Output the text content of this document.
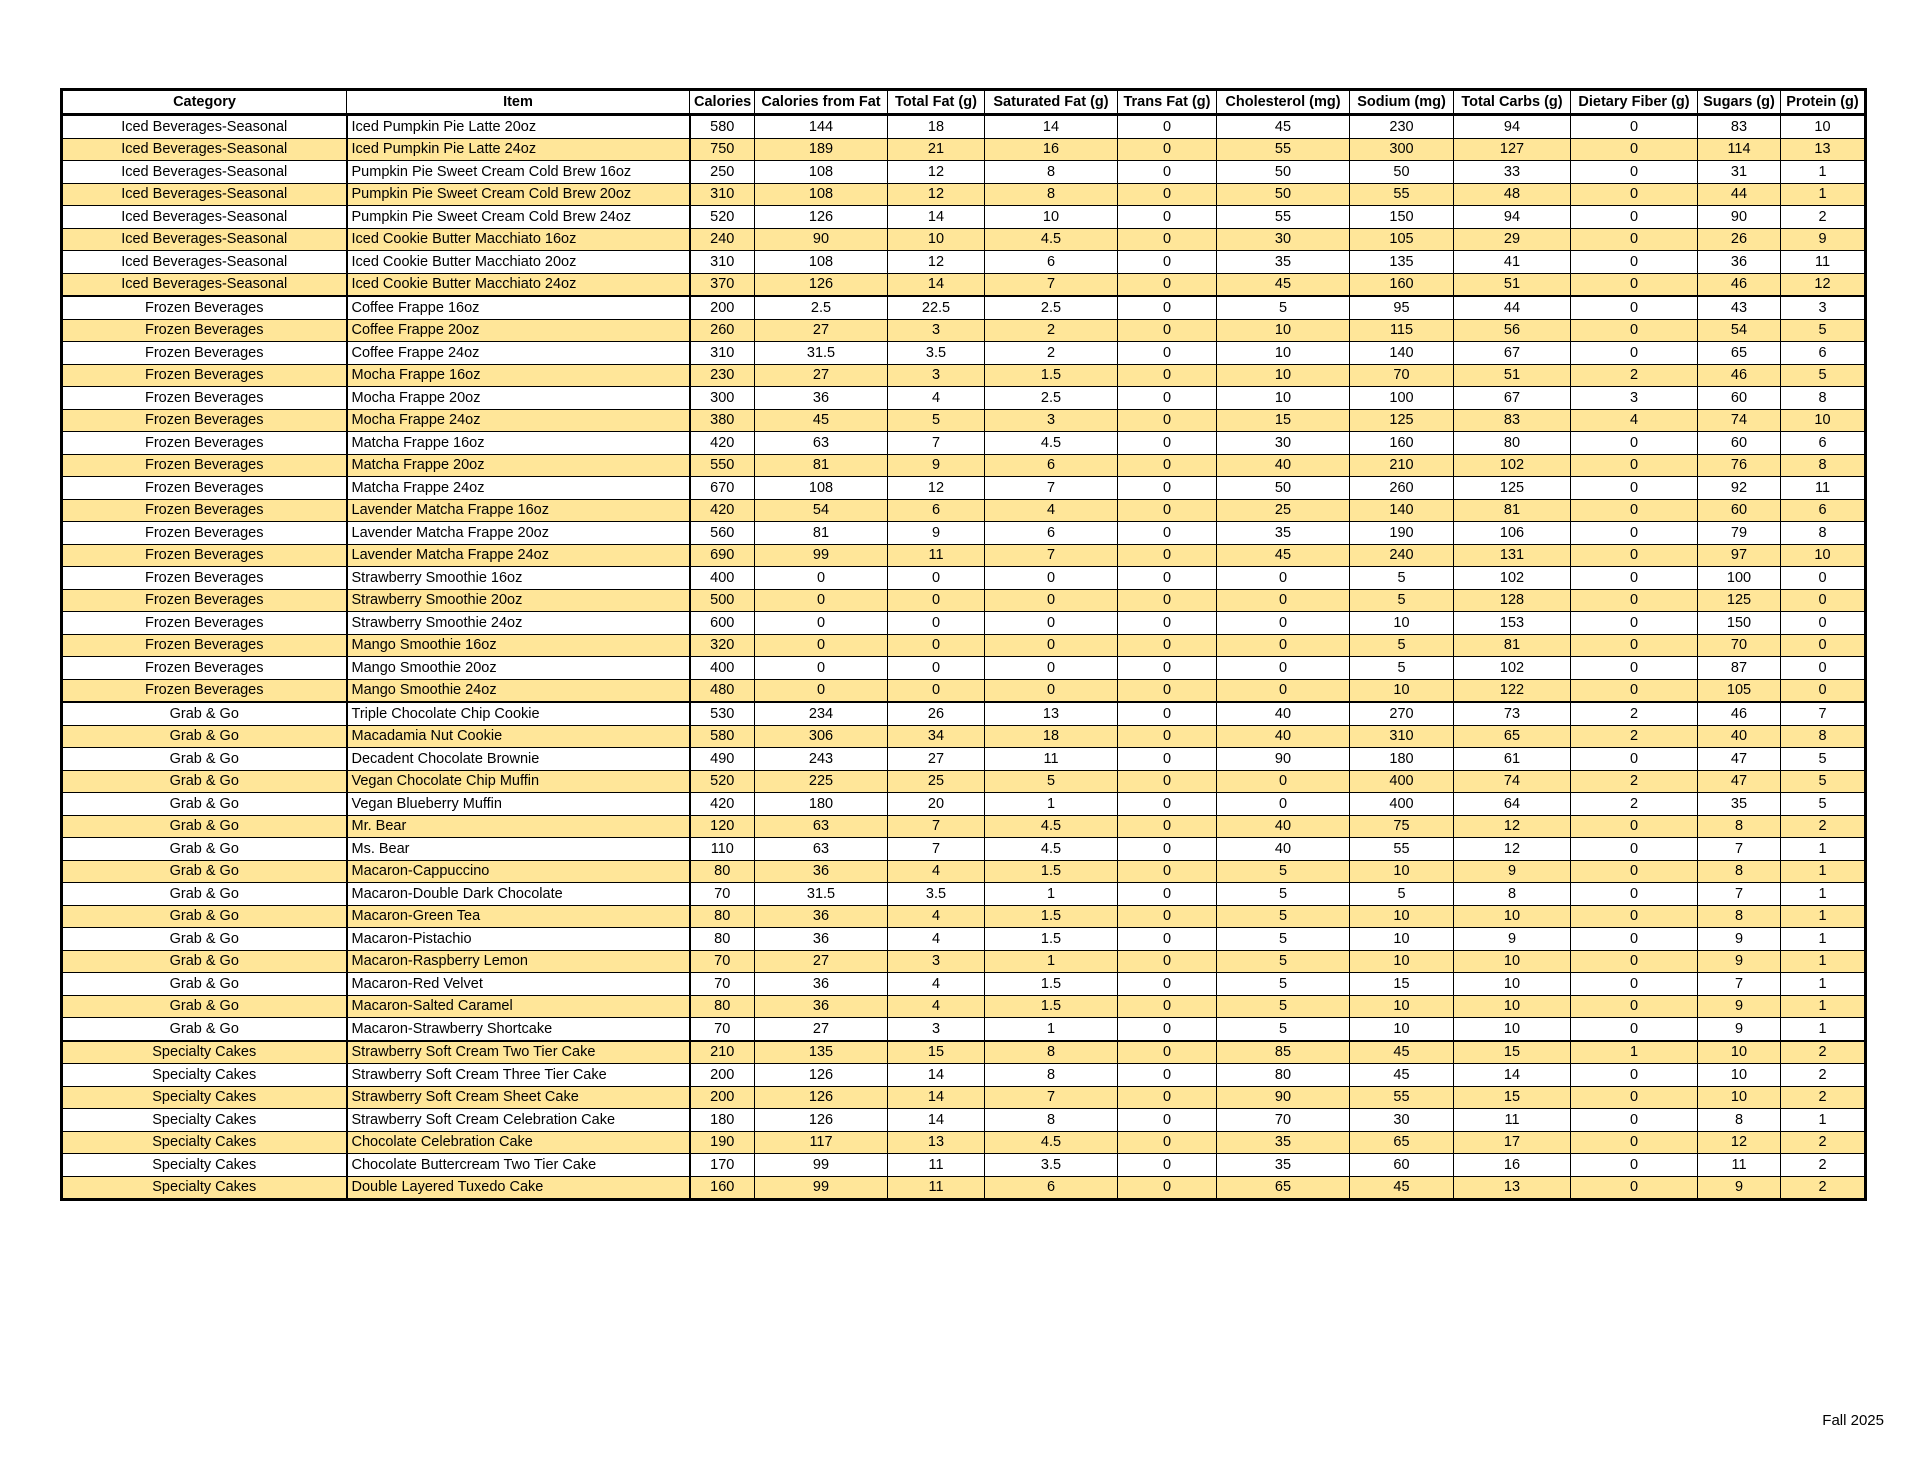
Category	Item	Calories	Calories from Fat	Total Fat (g)	Saturated Fat (g)	Trans Fat (g)	Cholesterol (mg)	Sodium (mg)	Total Carbs (g)	Dietary Fiber (g)	Sugars (g)	Protein (g)
Iced Beverages-Seasonal	Iced Pumpkin Pie Latte 20oz	580	144	18	14	0	45	230	94	0	83	10
Iced Beverages-Seasonal	Iced Pumpkin Pie Latte 24oz	750	189	21	16	0	55	300	127	0	114	13
Iced Beverages-Seasonal	Pumpkin Pie Sweet Cream Cold Brew 16oz	250	108	12	8	0	50	50	33	0	31	1
Iced Beverages-Seasonal	Pumpkin Pie Sweet Cream Cold Brew 20oz	310	108	12	8	0	50	55	48	0	44	1
Iced Beverages-Seasonal	Pumpkin Pie Sweet Cream Cold Brew 24oz	520	126	14	10	0	55	150	94	0	90	2
Iced Beverages-Seasonal	Iced Cookie Butter Macchiato 16oz	240	90	10	4.5	0	30	105	29	0	26	9
Iced Beverages-Seasonal	Iced Cookie Butter Macchiato 20oz	310	108	12	6	0	35	135	41	0	36	11
Iced Beverages-Seasonal	Iced Cookie Butter Macchiato 24oz	370	126	14	7	0	45	160	51	0	46	12
Frozen Beverages	Coffee Frappe 16oz	200	2.5	22.5	2.5	0	5	95	44	0	43	3
Frozen Beverages	Coffee Frappe 20oz	260	27	3	2	0	10	115	56	0	54	5
Frozen Beverages	Coffee Frappe 24oz	310	31.5	3.5	2	0	10	140	67	0	65	6
Frozen Beverages	Mocha Frappe 16oz	230	27	3	1.5	0	10	70	51	2	46	5
Frozen Beverages	Mocha Frappe 20oz	300	36	4	2.5	0	10	100	67	3	60	8
Frozen Beverages	Mocha Frappe 24oz	380	45	5	3	0	15	125	83	4	74	10
Frozen Beverages	Matcha Frappe 16oz	420	63	7	4.5	0	30	160	80	0	60	6
Frozen Beverages	Matcha Frappe 20oz	550	81	9	6	0	40	210	102	0	76	8
Frozen Beverages	Matcha Frappe 24oz	670	108	12	7	0	50	260	125	0	92	11
Frozen Beverages	Lavender Matcha Frappe 16oz	420	54	6	4	0	25	140	81	0	60	6
Frozen Beverages	Lavender Matcha Frappe 20oz	560	81	9	6	0	35	190	106	0	79	8
Frozen Beverages	Lavender Matcha Frappe 24oz	690	99	11	7	0	45	240	131	0	97	10
Frozen Beverages	Strawberry Smoothie 16oz	400	0	0	0	0	0	5	102	0	100	0
Frozen Beverages	Strawberry Smoothie 20oz	500	0	0	0	0	0	5	128	0	125	0
Frozen Beverages	Strawberry Smoothie 24oz	600	0	0	0	0	0	10	153	0	150	0
Frozen Beverages	Mango Smoothie 16oz	320	0	0	0	0	0	5	81	0	70	0
Frozen Beverages	Mango Smoothie 20oz	400	0	0	0	0	0	5	102	0	87	0
Frozen Beverages	Mango Smoothie 24oz	480	0	0	0	0	0	10	122	0	105	0
Grab & Go	Triple Chocolate Chip Cookie	530	234	26	13	0	40	270	73	2	46	7
Grab & Go	Macadamia Nut Cookie	580	306	34	18	0	40	310	65	2	40	8
Grab & Go	Decadent Chocolate Brownie	490	243	27	11	0	90	180	61	0	47	5
Grab & Go	Vegan Chocolate Chip Muffin	520	225	25	5	0	0	400	74	2	47	5
Grab & Go	Vegan Blueberry Muffin	420	180	20	1	0	0	400	64	2	35	5
Grab & Go	Mr. Bear	120	63	7	4.5	0	40	75	12	0	8	2
Grab & Go	Ms. Bear	110	63	7	4.5	0	40	55	12	0	7	1
Grab & Go	Macaron-Cappuccino	80	36	4	1.5	0	5	10	9	0	8	1
Grab & Go	Macaron-Double Dark Chocolate	70	31.5	3.5	1	0	5	5	8	0	7	1
Grab & Go	Macaron-Green Tea	80	36	4	1.5	0	5	10	10	0	8	1
Grab & Go	Macaron-Pistachio	80	36	4	1.5	0	5	10	9	0	9	1
Grab & Go	Macaron-Raspberry Lemon	70	27	3	1	0	5	10	10	0	9	1
Grab & Go	Macaron-Red Velvet	70	36	4	1.5	0	5	15	10	0	7	1
Grab & Go	Macaron-Salted Caramel	80	36	4	1.5	0	5	10	10	0	9	1
Grab & Go	Macaron-Strawberry Shortcake	70	27	3	1	0	5	10	10	0	9	1
Specialty Cakes	Strawberry Soft Cream Two Tier Cake	210	135	15	8	0	85	45	15	1	10	2
Specialty Cakes	Strawberry Soft Cream Three Tier Cake	200	126	14	8	0	80	45	14	0	10	2
Specialty Cakes	Strawberry Soft Cream Sheet Cake	200	126	14	7	0	90	55	15	0	10	2
Specialty Cakes	Strawberry Soft Cream Celebration Cake	180	126	14	8	0	70	30	11	0	8	1
Specialty Cakes	Chocolate Celebration Cake	190	117	13	4.5	0	35	65	17	0	12	2
Specialty Cakes	Chocolate Buttercream Two Tier Cake	170	99	11	3.5	0	35	60	16	0	11	2
Specialty Cakes	Double Layered Tuxedo Cake	160	99	11	6	0	65	45	13	0	9	2
Fall 2025
